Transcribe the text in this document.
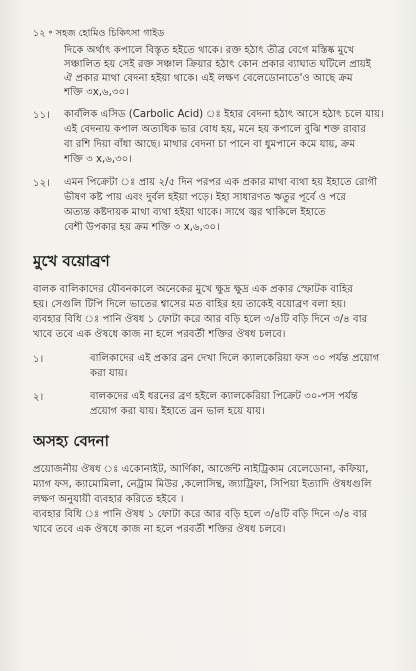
১২ ॰ সহজ হোমিও চিকিৎসা গাইড
দিকে অর্থাৎ কপালে বিস্তৃত হইতে থাকে। রক্ত হঠাৎ তীব্র বেগে মস্তিষ্ক মুখে
সঞ্চালিত হয় সেই রক্ত সঞ্চাল ক্রিয়ার হঠাৎ কোন প্রকার ব্যাঘাত ঘটিলে প্রায়ই
ঐ প্রকার মাথা বেদনা হইয়া থাকে। এই লক্ষণ বেলেডোনাতে'ও আছে ক্রম
শক্তি ৩x,৬,৩০।
১১। কার্বলিক এসিড (Carbolic Acid) ঃ ইহার বেদনা হঠাৎ আসে হঠাৎ চলে যায়।
এই বেদনায় কপাল অত্যধিক ভার বোধ হয়, মনে হয় কপালে বুঝি শক্ত রাবার
বা রশি দিয়া বাঁধা আছে। মাথার বেদনা চা পানে বা ধুমপানে কমে যায়, ক্রম
শক্তি ৩ x,৬,৩০।
১২। এমন পিক্রেটা ঃ প্রায় ২/৫ দিন পরপর এক প্রকার মাথা ব্যথা হয় ইহাতে রোগী
ভীষণ কষ্ট পায় এবং দুর্বল হইয়া পড়ে। ইহা সাধারণত ঋতুর পূর্বে ও পরে
অত্যন্ত কষ্টদায়ক মাথা ব্যথা হইয়া থাকে। সাথে জ্বর থাকিলে ইহাতে
বেশী উপকার হয় ক্রম শক্তি ৩ x,৬,৩০।
মুখে বয়োব্রণ
বালক বালিকাদের যৌবনকালে অনেকের মুখে ক্ষুদ্র ক্ষুদ্র এক প্রকার স্ফোটক বাহির
হয়। সেগুলি টিপি দিলে ভাতের শ্বাসের মত বাহির হয় তাকেই বয়োব্রণ বলা হয়।
ব্যবহার বিধি ঃ পানি ঔষধ ১ ফোটা করে আর বড়ি হলে ৩/৪টি বড়ি দিনে ৩/৪ বার
খাবে তবে এক ঔষধে কাজ না হলে পরবর্তী শক্তির ঔষধ চলবে।
১।	বালিকাদের এই প্রকার ব্রন দেখা দিলে ক্যালকেরিয়া ফস ৩০ পর্যন্ত প্রয়োগ
করা যায়।
২।	বালকদের এই ধরনের ব্রণ হইলে ক্যালকেরিয়া পিক্রেট ৩০-পস পর্যন্ত
প্রয়োগ করা যায়। ইহাতে ব্রন ভাল হয়ে যায়।
অসহ্য বেদনা
প্রয়োজনীয় ঔষধ ঃ একোনাইট, আর্ণিকা, আর্জেন্ট নাইট্রিকাম বেলেডোনা, কফিয়া,
ম্যাগ ফস, ক্যামোমিলা, নেট্রাম মিউর ,কলোসিন্থ, জ্যাট্রিফা, সিপিয়া ইত্যাদি ঔষধগুলি
লক্ষণ অনুযায়ী ব্যবহার করিতে হইবে ।
ব্যবহার বিধি ঃ পানি ঔষধ ১ ফোটা করে আর বড়ি হলে ৩/৪টি বড়ি দিনে ৩/৪ বার
খাবে তবে এক ঔষধে কাজ না হলে পরবর্তী শক্তির ঔষধ চলবে।
